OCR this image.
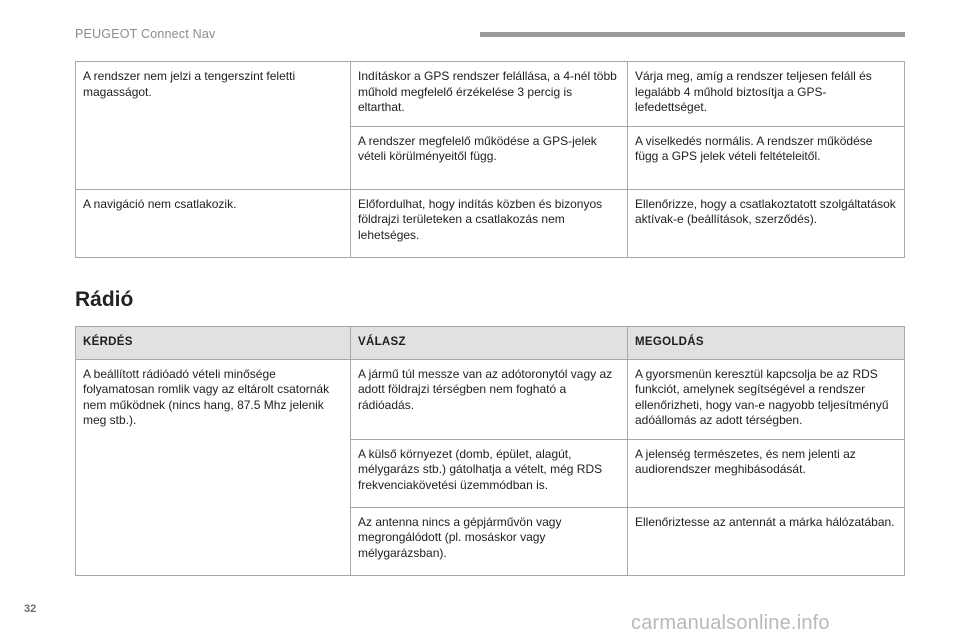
PEUGEOT Connect Nav
A rendszer nem jelzi a tengerszint feletti magasságot.	Indításkor a GPS rendszer felállása, a 4-nél több műhold megfelelő érzékelése 3 percig is eltarthat.	Várja meg, amíg a rendszer teljesen feláll és legalább 4 műhold biztosítja a GPS-lefedettséget.
	A rendszer megfelelő működése a GPS-jelek vételi körülményeitől függ.	A viselkedés normális. A rendszer működése függ a GPS jelek vételi feltételeitől.
A navigáció nem csatlakozik.	Előfordulhat, hogy indítás közben és bizonyos földrajzi területeken a csatlakozás nem lehetséges.	Ellenőrizze, hogy a csatlakoztatott szolgáltatások aktívak-e (beállítások, szerződés).
Rádió
KÉRDÉS	VÁLASZ	MEGOLDÁS
A beállított rádióadó vételi minősége folyamatosan romlik vagy az eltárolt csatornák nem működnek (nincs hang, 87.5 Mhz jelenik meg stb.).	A jármű túl messze van az adótoronytól vagy az adott földrajzi térségben nem fogható a rádióadás.	A gyorsmenün keresztül kapcsolja be az RDS funkciót, amelynek segítségével a rendszer ellenőrizheti, hogy van-e nagyobb teljesítményű adóállomás az adott térségben.
	A külső környezet (domb, épület, alagút, mélygarázs stb.) gátolhatja a vételt, még RDS frekvenciakövetési üzemmódban is.	A jelenség természetes, és nem jelenti az audiorendszer meghibásodását.
	Az antenna nincs a gépjárművön vagy megrongálódott (pl. mosáskor vagy mélygarázsban).	Ellenőriztesse az antennát a márka hálózatában.
32
carmanualsonline.info
